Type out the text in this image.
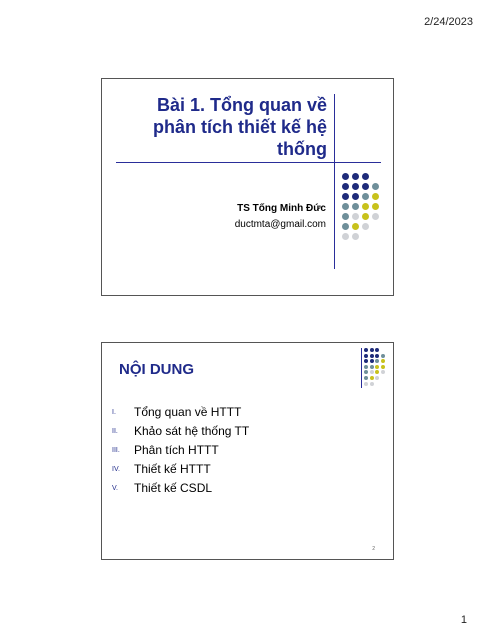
2/24/2023
Bài 1. Tổng quan về phân tích thiết kế hệ thống
TS Tống Minh Đức
ductmta@gmail.com
NỘI DUNG
I.	Tổng quan về HTTT
II.	Khảo sát hệ thống TT
III.	Phân tích HTTT
IV.	Thiết kế HTTT
V.	Thiết kế CSDL
2
1
